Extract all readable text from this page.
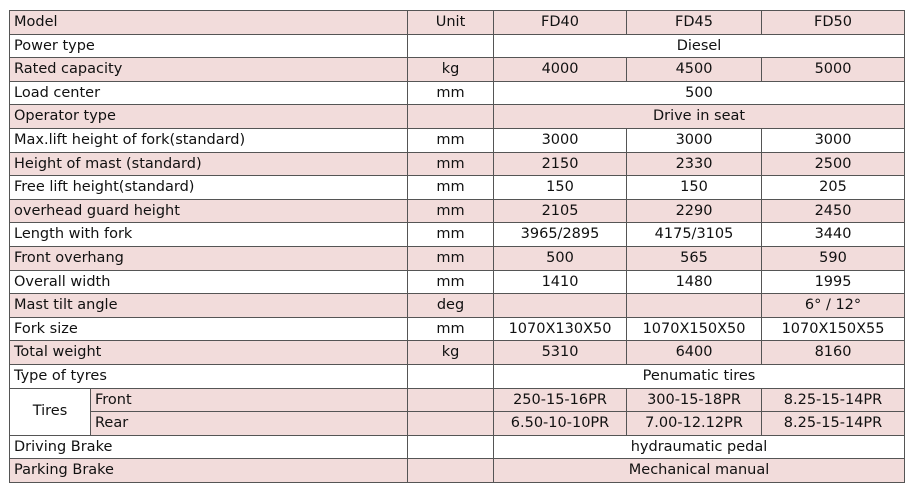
Model		Unit	FD40	FD45	FD50
Power type			Diesel		
Rated capacity		kg	4000	4500	5000
Load center		mm	500		
Operator type			Drive in seat		
Max.lift height of fork(standard)		mm	3000	3000	3000
Height of mast (standard)		mm	2150	2330	2500
Free lift height(standard)		mm	150	150	205
overhead guard height		mm	2105	2290	2450
Length with fork		mm	3965/2895	4175/3105	3440
Front overhang		mm	500	565	590
Overall width		mm	1410	1480	1995
Mast tilt angle		deg			6° / 12°
Fork size		mm	1070X130X50	1070X150X50	1070X150X55
Total weight		kg	5310	6400	8160
Type of tyres			Penumatic tires		
Tires	Front		250-15-16PR	300-15-18PR	8.25-15-14PR
	Rear		6.50-10-10PR	7.00-12.12PR	8.25-15-14PR
Driving Brake			hydraumatic pedal		
Parking Brake			Mechanical manual		
